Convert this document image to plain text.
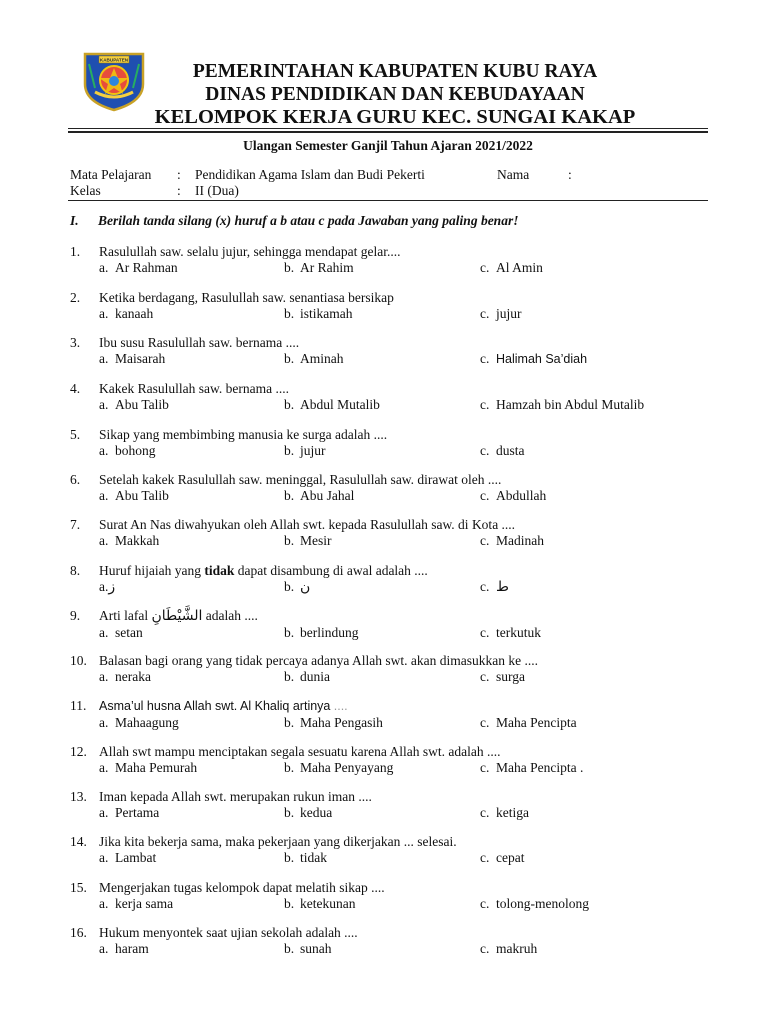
KABUPATEN
PEMERINTAHAN KABUPATEN KUBU RAYA
DINAS PENDIDIKAN DAN KEBUDAYAAN
KELOMPOK KERJA GURU KEC. SUNGAI KAKAP
Ulangan Semester Ganjil Tahun Ajaran 2021/2022
Mata Pelajaran : Pendidikan Agama Islam dan Budi Pekerti	Nama	:
Kelas	: II (Dua)
I. Berilah tanda silang (x) huruf a b atau c pada Jawaban yang paling benar!
1. Rasulullah saw. selalu jujur, sehingga mendapat gelar....
a. Ar Rahman	b. Ar Rahim	c. Al Amin
2. Ketika berdagang, Rasulullah saw. senantiasa bersikap
a. kanaah	b. istikamah	c. jujur
3. Ibu susu Rasulullah saw. bernama ....
a. Maisarah	b. Aminah	c. Halimah Sa’diah
4. Kakek Rasulullah saw. bernama ....
a. Abu Talib	b. Abdul Mutalib	c. Hamzah bin Abdul Mutalib
5. Sikap yang membimbing manusia ke surga adalah ....
a. bohong	b. jujur	c. dusta
6. Setelah kakek Rasulullah saw. meninggal, Rasulullah saw. dirawat oleh ....
a. Abu Talib	b. Abu Jahal	c. Abdullah
7. Surat An Nas diwahyukan oleh Allah swt. kepada Rasulullah saw. di Kota ....
a. Makkah	b. Mesir	c. Madinah
8. Huruf hijaiah yang tidak dapat disambung di awal adalah ....
a.ز	b. ن	c. ط
9. Arti lafal الشَّيْطَانِ adalah ....
a. setan	b. berlindung	c. terkutuk
10. Balasan bagi orang yang tidak percaya adanya Allah swt. akan dimasukkan ke ....
a. neraka	b. dunia	c. surga
11. Asma’ul husna Allah swt. Al Khaliq artinya ....
a. Mahaagung	b. Maha Pengasih	c. Maha Pencipta
12. Allah swt mampu menciptakan segala sesuatu karena Allah swt. adalah ....
a. Maha Pemurah	b. Maha Penyayang	c. Maha Pencipta .
13. Iman kepada Allah swt. merupakan rukun iman ....
a. Pertama	b. kedua	c. ketiga
14. Jika kita bekerja sama, maka pekerjaan yang dikerjakan ... selesai.
a. Lambat	b. tidak	c. cepat
15. Mengerjakan tugas kelompok dapat melatih sikap ....
a. kerja sama	b. ketekunan	c. tolong-menolong
16. Hukum menyontek saat ujian sekolah adalah ....
a. haram	b. sunah	c. makruh
